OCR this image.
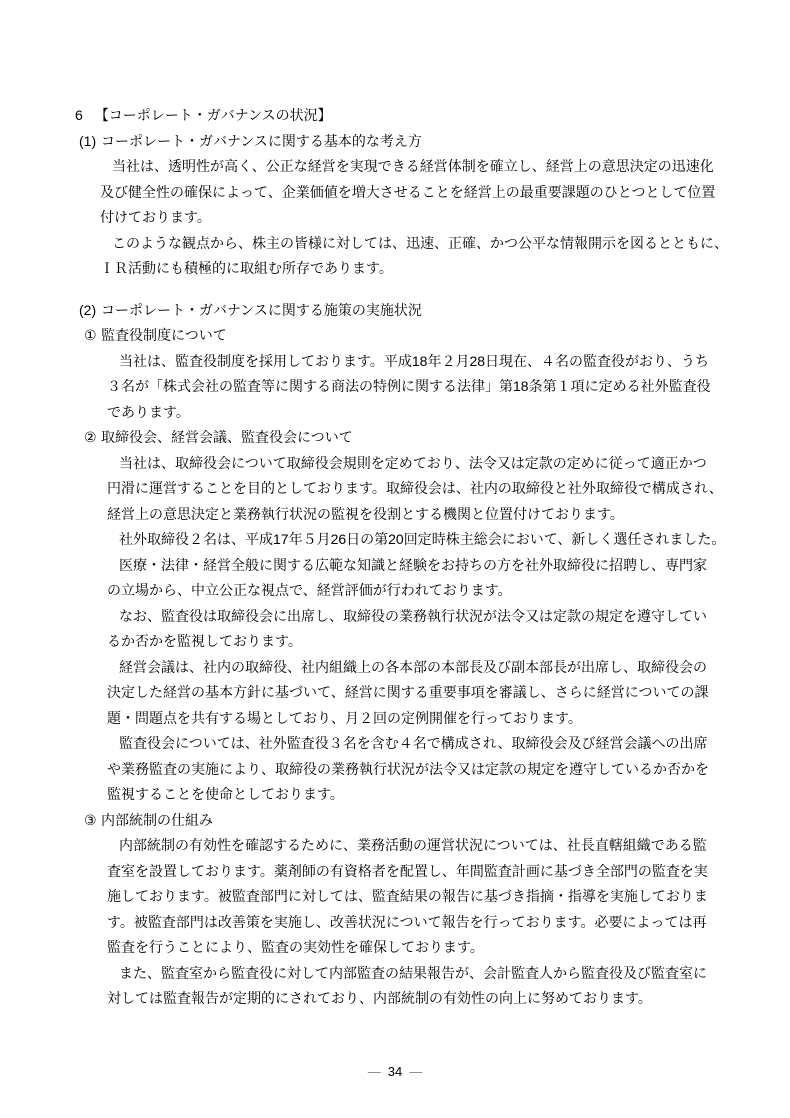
6 【コーポレート・ガバナンスの状況】
(1) コーポレート・ガバナンスに関する基本的な考え方
当社は、透明性が高く、公正な経営を実現できる経営体制を確立し、経営上の意思決定の迅速化
及び健全性の確保によって、企業価値を増大させることを経営上の最重要課題のひとつとして位置
付けております。
このような観点から、株主の皆様に対しては、迅速、正確、かつ公平な情報開示を図るとともに、
ＩＲ活動にも積極的に取組む所存であります。
(2) コーポレート・ガバナンスに関する施策の実施状況
① 監査役制度について
当社は、監査役制度を採用しております。平成18年２月28日現在、４名の監査役がおり、うち
３名が「株式会社の監査等に関する商法の特例に関する法律」第18条第１項に定める社外監査役
であります。
② 取締役会、経営会議、監査役会について
当社は、取締役会について取締役会規則を定めており、法令又は定款の定めに従って適正かつ
円滑に運営することを目的としております。取締役会は、社内の取締役と社外取締役で構成され、
経営上の意思決定と業務執行状況の監視を役割とする機関と位置付けております。
社外取締役２名は、平成17年５月26日の第20回定時株主総会において、新しく選任されました。
医療・法律・経営全般に関する広範な知識と経験をお持ちの方を社外取締役に招聘し、専門家
の立場から、中立公正な視点で、経営評価が行われております。
なお、監査役は取締役会に出席し、取締役の業務執行状況が法令又は定款の規定を遵守してい
るか否かを監視しております。
経営会議は、社内の取締役、社内組織上の各本部の本部長及び副本部長が出席し、取締役会の
決定した経営の基本方針に基づいて、経営に関する重要事項を審議し、さらに経営についての課
題・問題点を共有する場としており、月２回の定例開催を行っております。
監査役会については、社外監査役３名を含む４名で構成され、取締役会及び経営会議への出席
や業務監査の実施により、取締役の業務執行状況が法令又は定款の規定を遵守しているか否かを
監視することを使命としております。
③ 内部統制の仕組み
内部統制の有効性を確認するために、業務活動の運営状況については、社長直轄組織である監
査室を設置しております。薬剤師の有資格者を配置し、年間監査計画に基づき全部門の監査を実
施しております。被監査部門に対しては、監査結果の報告に基づき指摘・指導を実施しておりま
す。被監査部門は改善策を実施し、改善状況について報告を行っております。必要によっては再
監査を行うことにより、監査の実効性を確保しております。
また、監査室から監査役に対して内部監査の結果報告が、会計監査人から監査役及び監査室に
対しては監査報告が定期的にされており、内部統制の有効性の向上に努めております。
— 34 —
